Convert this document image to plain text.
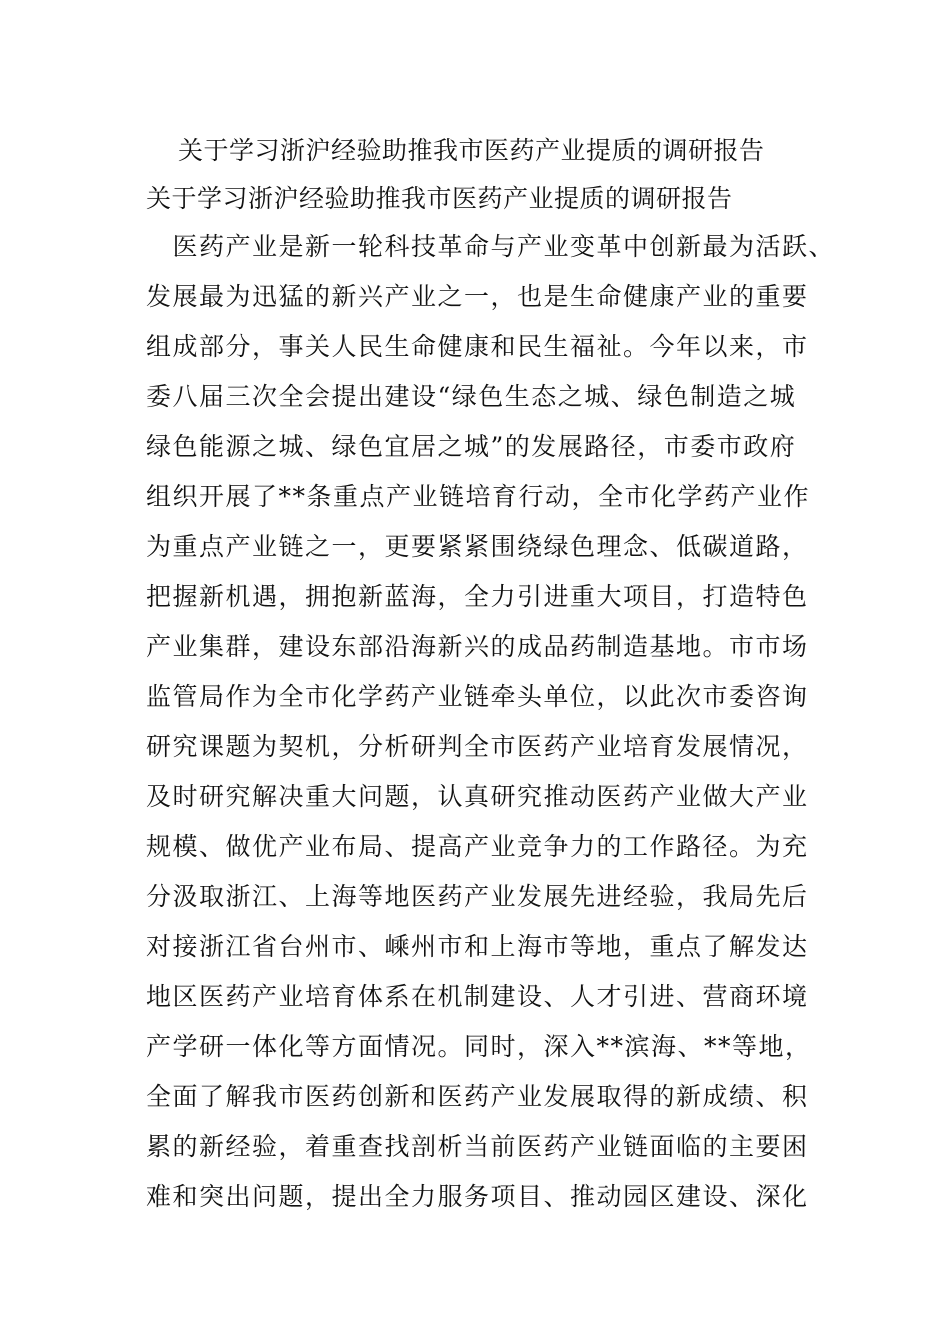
关于学习浙沪经验助推我市医药产业提质的调研报告
关于学习浙沪经验助推我市医药产业提质的调研报告
　医药产业是新一轮科技革命与产业变革中创新最为活跃、
发展最为迅猛的新兴产业之一，也是生命健康产业的重要
组成部分，事关人民生命健康和民生福祉。今年以来，市
委八届三次全会提出建设“绿色生态之城、绿色制造之城
绿色能源之城、绿色宜居之城”的发展路径，市委市政府
组织开展了**条重点产业链培育行动，全市化学药产业作
为重点产业链之一，更要紧紧围绕绿色理念、低碳道路，
把握新机遇，拥抱新蓝海，全力引进重大项目，打造特色
产业集群，建设东部沿海新兴的成品药制造基地。市市场
监管局作为全市化学药产业链牵头单位，以此次市委咨询
研究课题为契机，分析研判全市医药产业培育发展情况，
及时研究解决重大问题，认真研究推动医药产业做大产业
规模、做优产业布局、提高产业竞争力的工作路径。为充
分汲取浙江、上海等地医药产业发展先进经验，我局先后
对接浙江省台州市、嵊州市和上海市等地，重点了解发达
地区医药产业培育体系在机制建设、人才引进、营商环境
产学研一体化等方面情况。同时，深入**滨海、**等地，
全面了解我市医药创新和医药产业发展取得的新成绩、积
累的新经验，着重查找剖析当前医药产业链面临的主要困
难和突出问题，提出全力服务项目、推动园区建设、深化
